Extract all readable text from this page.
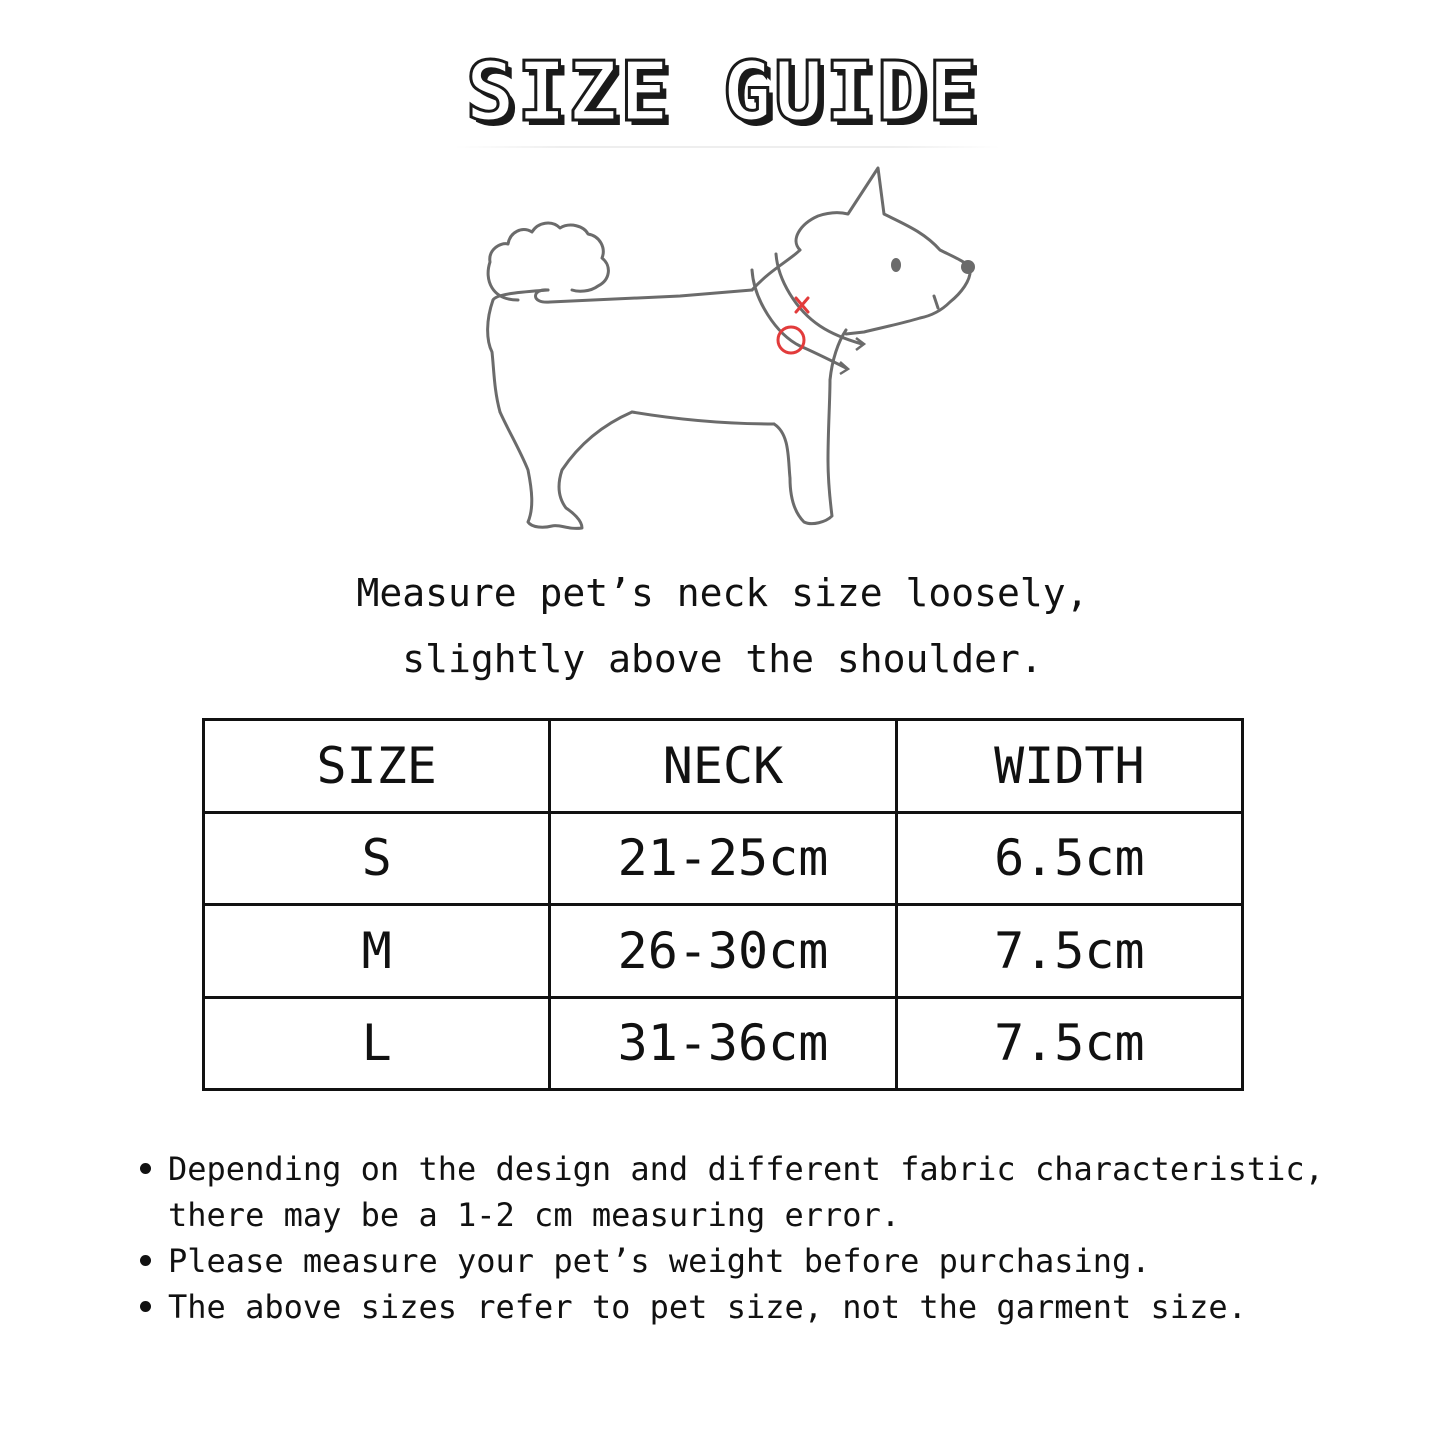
SIZE GUIDE
Measure pet’s neck size loosely,
slightly above the shoulder.
SIZE	NECK	WIDTH
S	21-25cm	6.5cm
M	26-30cm	7.5cm
L	31-36cm	7.5cm
Depending on the design and different fabric characteristic, there may be a 1-2 cm measuring error.
Please measure your pet’s weight before purchasing.
The above sizes refer to pet size, not the garment size.
